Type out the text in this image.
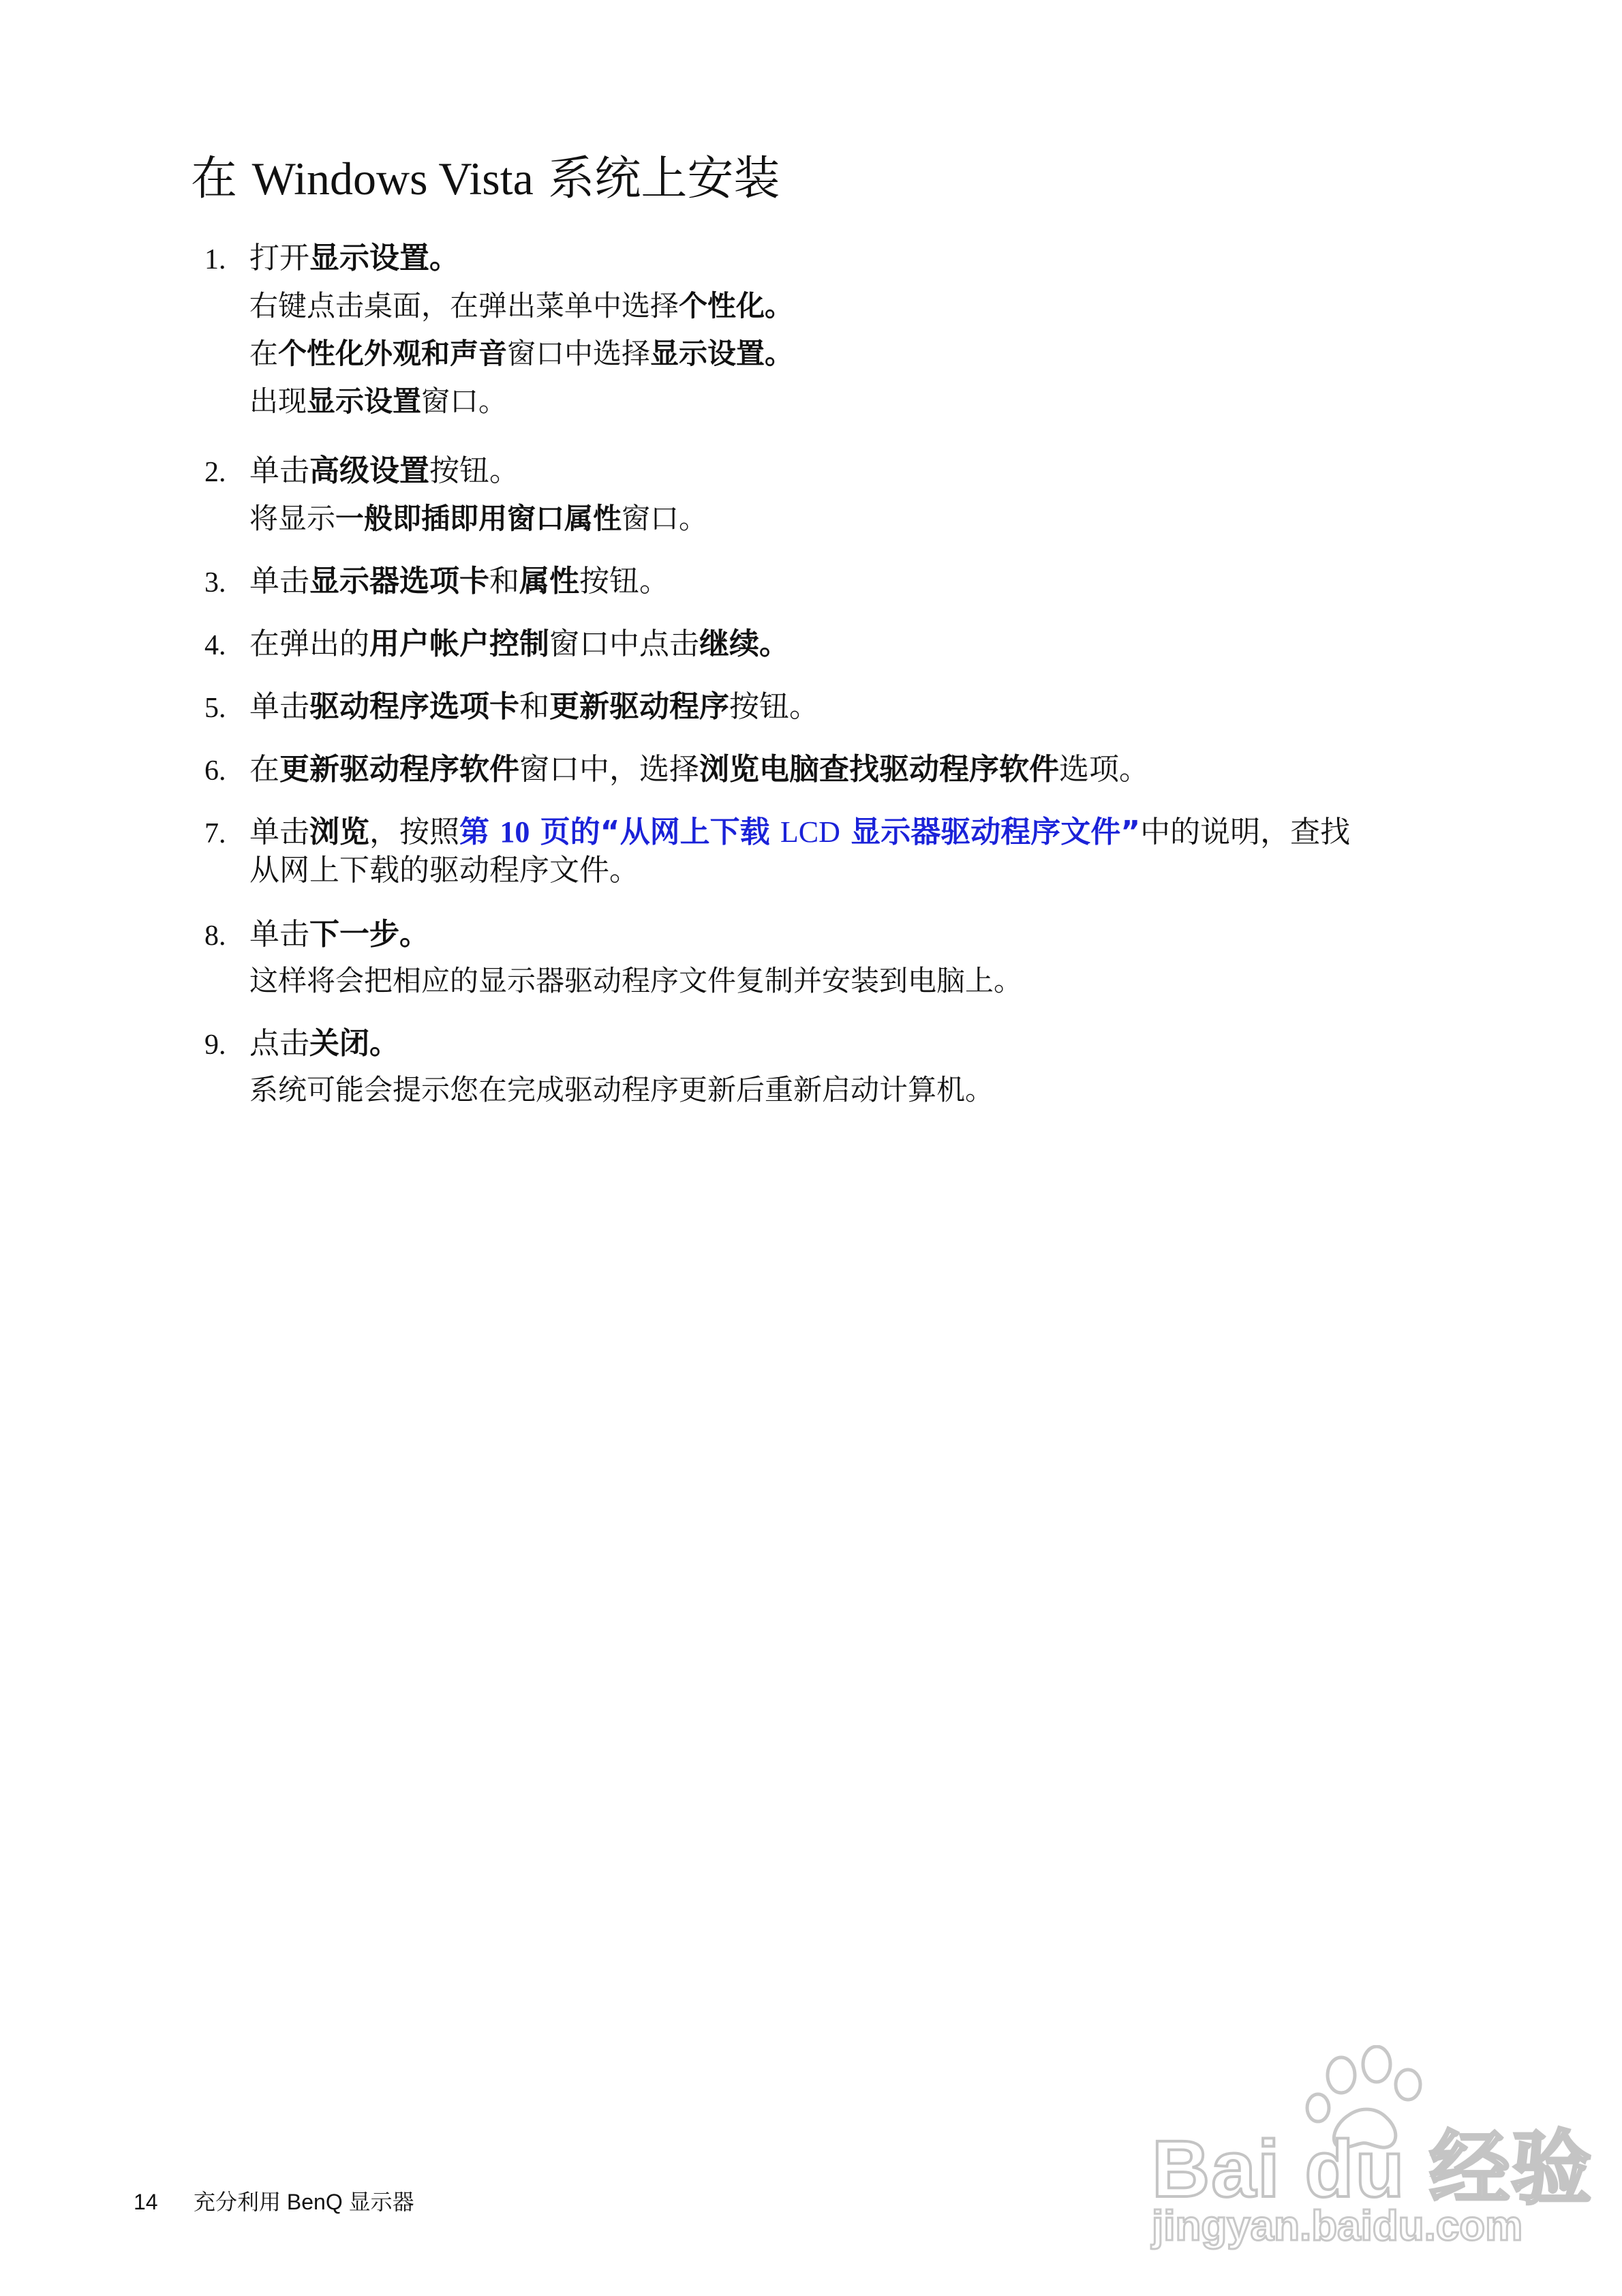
在 Windows Vista 系统上安装
1. 打开显示设置。
右键点击桌面，在弹出菜单中选择个性化。
在个性化外观和声音窗口中选择显示设置。
出现显示设置窗口。
2. 单击高级设置按钮。
将显示一般即插即用窗口属性窗口。
3. 单击显示器选项卡和属性按钮。
4. 在弹出的用户帐户控制窗口中点击继续。
5. 单击驱动程序选项卡和更新驱动程序按钮。
6. 在更新驱动程序软件窗口中，选择浏览电脑查找驱动程序软件选项。
7. 单击浏览，按照第 10 页的“从网上下载 LCD 显示器驱动程序文件”中的说明，查找
从网上下载的驱动程序文件。
8. 单击下一步。
这样将会把相应的显示器驱动程序文件复制并安装到电脑上。
9. 点击关闭。
系统可能会提示您在完成驱动程序更新后重新启动计算机。
14 充分利用 BenQ 显示器	Bai du 经验
jingyan.baidu.com
